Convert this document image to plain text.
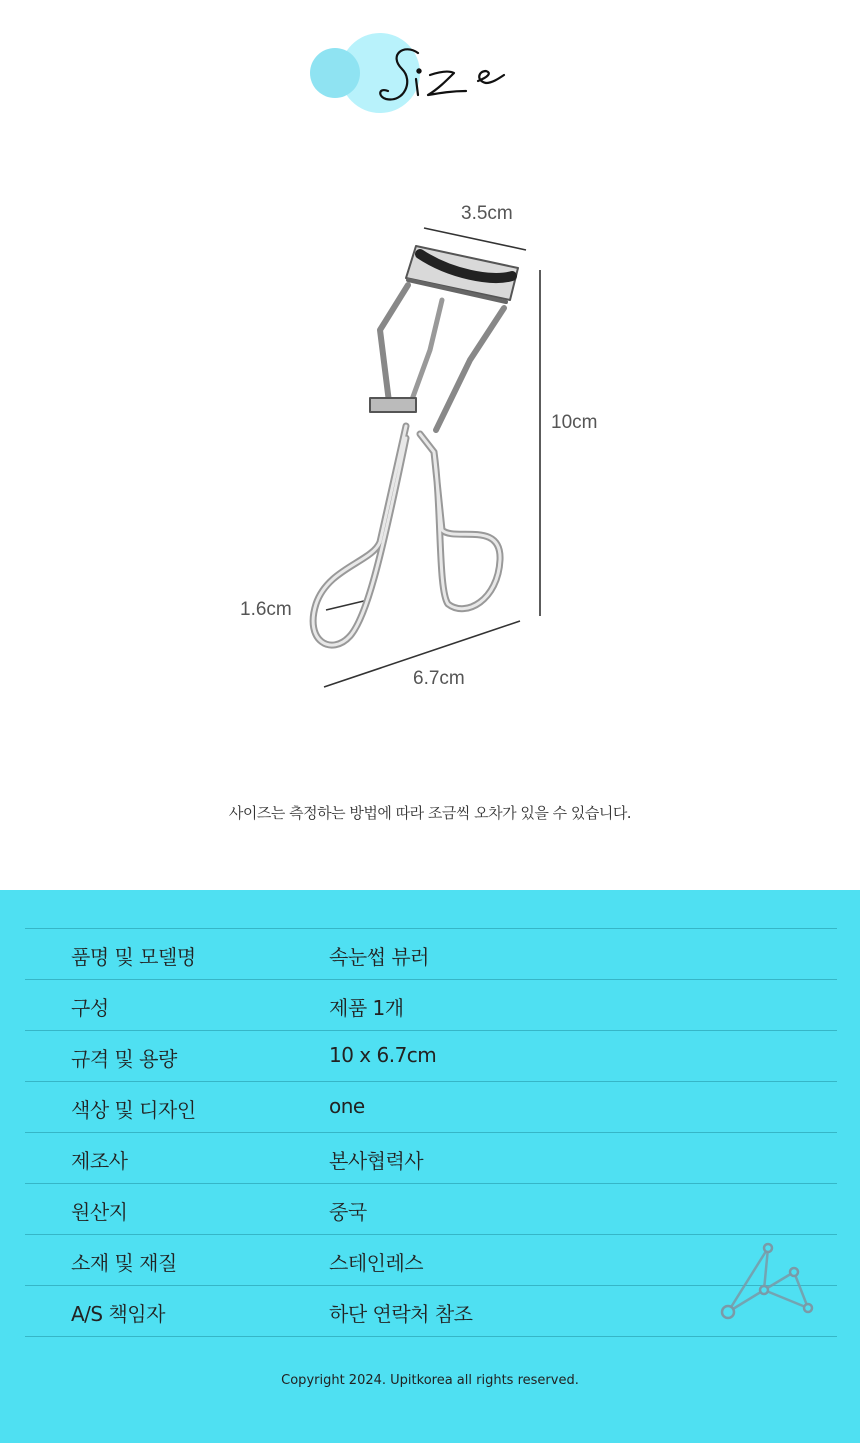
3.5cm
10cm
1.6cm
6.7cm
사이즈는 측정하는 방법에 따라 조금씩 오차가 있을 수 있습니다.
품명 및 모델명	속눈썹 뷰러
구성	제품 1개
규격 및 용량	10 x 6.7cm
색상 및 디자인	one
제조사	본사협력사
원산지	중국
소재 및 재질	스테인레스
A/S 책임자	하단 연락처 참조
Copyright 2024. Upitkorea all rights reserved.
